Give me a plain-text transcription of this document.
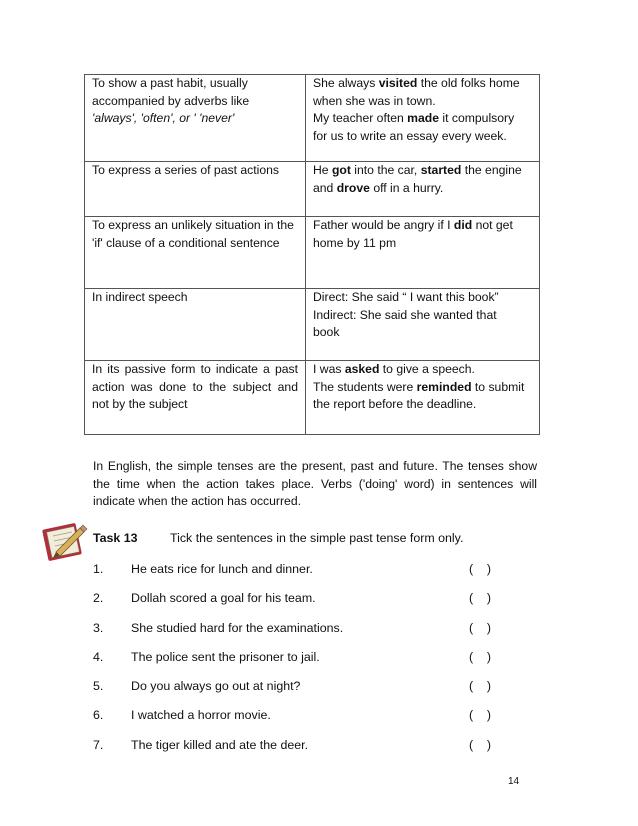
To show a past habit, usually
accompanied by adverbs like
'always', 'often', or ' 'never'	She always visited the old folks home
when she was in town.
My teacher often made it compulsory
for us to write an essay every week.

To express a series of past actions	He got into the car, started the engine
and drove off in a hurry.

To express an unlikely situation in the
'if' clause of a conditional sentence	Father would be angry if I did not get
home by 11 pm

In indirect speech	Direct: She said “ I want this book”
Indirect: She said she wanted that
book

In its passive form to indicate a past action was done to the subject and not by the subject	I was asked to give a speech.
The students were reminded to submit
the report before the deadline.
In English, the simple tenses are the present, past and future. The tenses show the time when the action takes place. Verbs ('doing' word) in sentences will indicate when the action has occurred.
Task 13	Tick the sentences in the simple past tense form only.
1. He eats rice for lunch and dinner.	(    )
2. Dollah scored a goal for his team.	(    )
3. She studied hard for the examinations.	(    )
4. The police sent the prisoner to jail.	(    )
5. Do you always go out at night?	(    )
6. I watched a horror movie.	(    )
7. The tiger killed and ate the deer.	(    )
14
